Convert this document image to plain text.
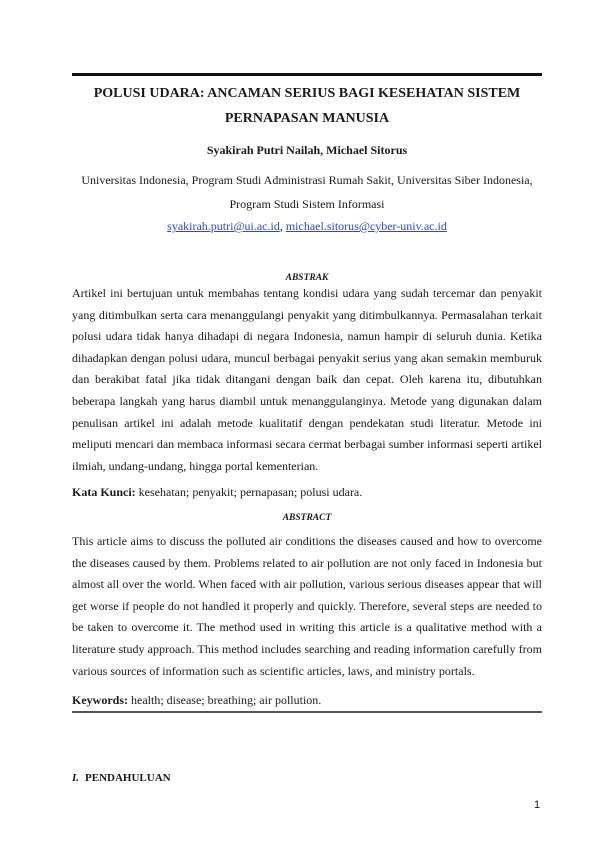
POLUSI UDARA: ANCAMAN SERIUS BAGI KESEHATAN SISTEM PERNAPASAN MANUSIA
Syakirah Putri Nailah, Michael Sitorus
Universitas Indonesia, Program Studi Administrasi Rumah Sakit, Universitas Siber Indonesia, Program Studi Sistem Informasi
syakirah.putri@ui.ac.id, michael.sitorus@cyber-univ.ac.id
ABSTRAK

Artikel ini bertujuan untuk membahas tentang kondisi udara yang sudah tercemar dan penyakit yang ditimbulkan serta cara menanggulangi penyakit yang ditimbulkannya. Permasalahan terkait polusi udara tidak hanya dihadapi di negara Indonesia, namun hampir di seluruh dunia. Ketika dihadapkan dengan polusi udara, muncul berbagai penyakit serius yang akan semakin memburuk dan berakibat fatal jika tidak ditangani dengan baik dan cepat. Oleh karena itu, dibutuhkan beberapa langkah yang harus diambil untuk menanggulanginya. Metode yang digunakan dalam penulisan artikel ini adalah metode kualitatif dengan pendekatan studi literatur. Metode ini meliputi mencari dan membaca informasi secara cermat berbagai sumber informasi seperti artikel ilmiah, undang-undang, hingga portal kementerian.

Kata Kunci: kesehatan; penyakit; pernapasan; polusi udara.
ABSTRACT

This article aims to discuss the polluted air conditions the diseases caused and how to overcome the diseases caused by them. Problems related to air pollution are not only faced in Indonesia but almost all over the world. When faced with air pollution, various serious diseases appear that will get worse if people do not handled it properly and quickly. Therefore, several steps are needed to be taken to overcome it. The method used in writing this article is a qualitative method with a literature study approach. This method includes searching and reading information carefully from various sources of information such as scientific articles, laws, and ministry portals.

Keywords: health; disease; breathing; air pollution.
I. PENDAHULUAN
1
